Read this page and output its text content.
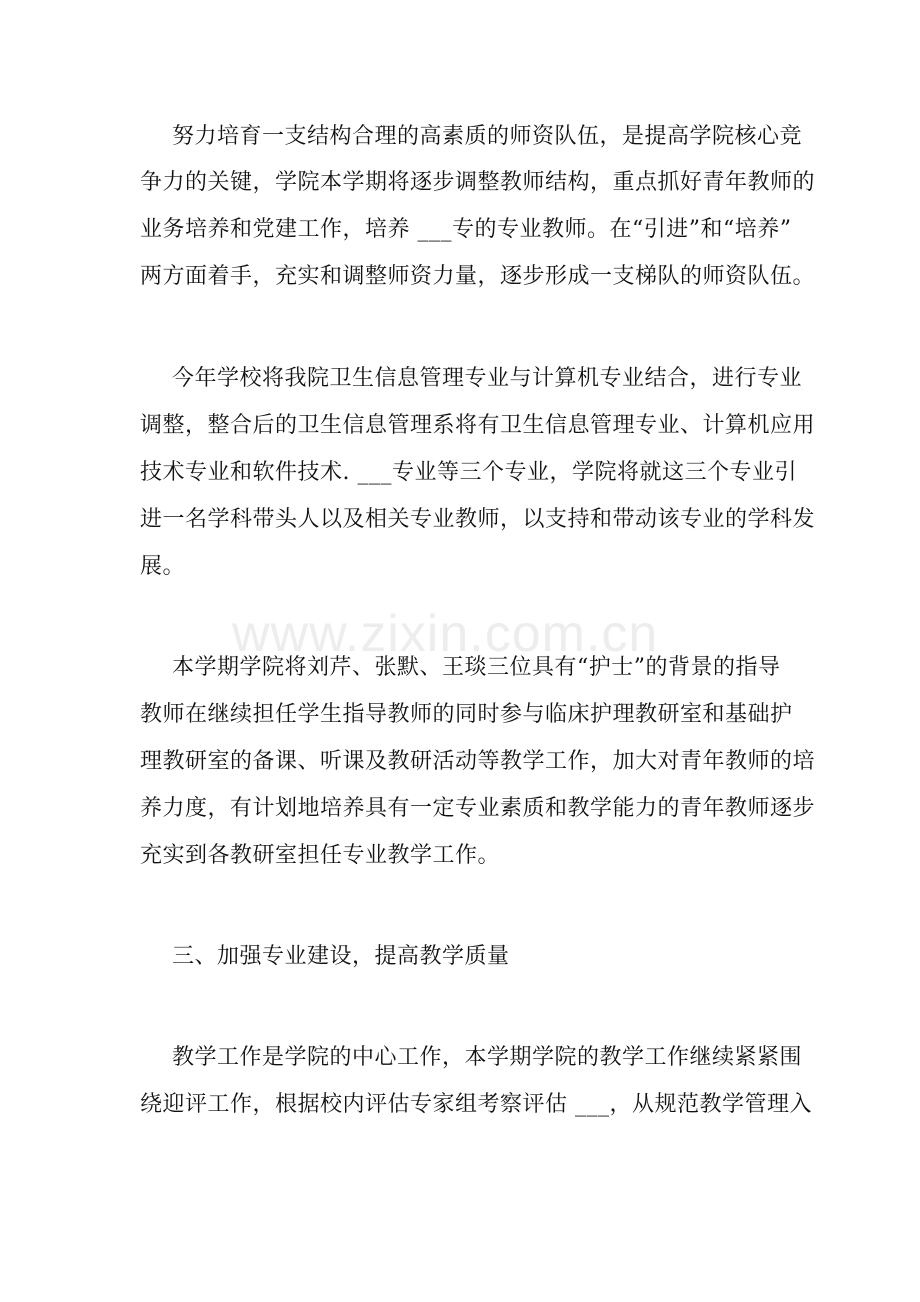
www.zixin.com.cn
努力培育一支结构合理的高素质的师资队伍，是提高学院核心竞
争力的关键，学院本学期将逐步调整教师结构，重点抓好青年教师的
业务培养和党建工作，培养 ___专的专业教师。在“引进”和“培养”
两方面着手，充实和调整师资力量，逐步形成一支梯队的师资队伍。
今年学校将我院卫生信息管理专业与计算机专业结合，进行专业
调整，整合后的卫生信息管理系将有卫生信息管理专业、计算机应用
技术专业和软件技术. ___专业等三个专业，学院将就这三个专业引
进一名学科带头人以及相关专业教师，以支持和带动该专业的学科发
展。
本学期学院将刘芹、张默、王琰三位具有“护士”的背景的指导
教师在继续担任学生指导教师的同时参与临床护理教研室和基础护
理教研室的备课、听课及教研活动等教学工作，加大对青年教师的培
养力度，有计划地培养具有一定专业素质和教学能力的青年教师逐步
充实到各教研室担任专业教学工作。
三、加强专业建设，提高教学质量
教学工作是学院的中心工作，本学期学院的教学工作继续紧紧围
绕迎评工作，根据校内评估专家组考察评估 ___，从规范教学管理入
